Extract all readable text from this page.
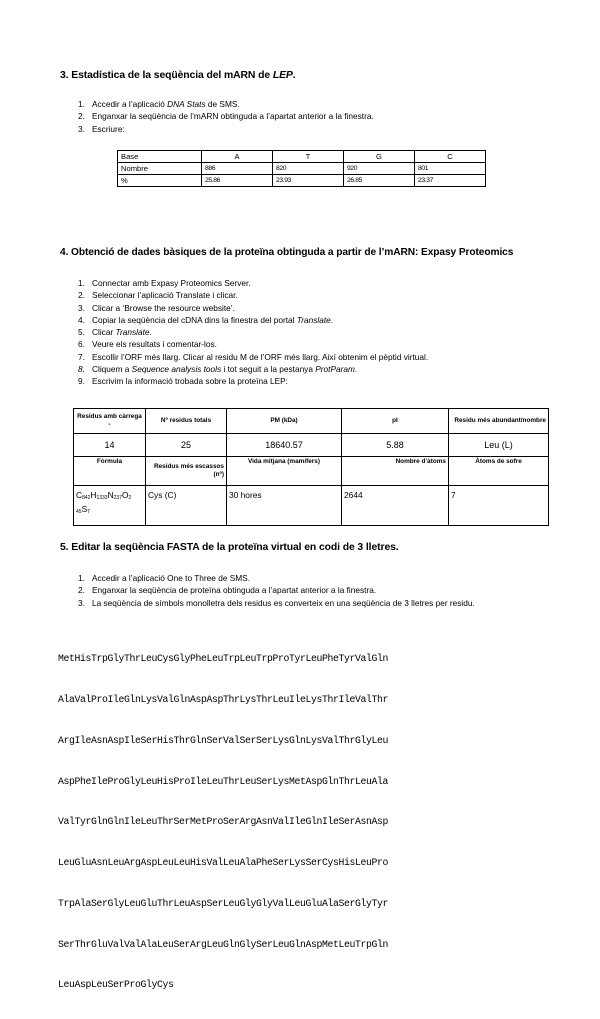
3. Estadística de la seqüència del mARN de LEP.
1. Accedir a l’aplicació DNA Stats de SMS.
2. Enganxar la seqüència de l’mARN obtinguda a l’apartat anterior a la finestra.
3. Escriure:
Base	A	T	G	C
Nombre	886	820	920	801
%	25.86	23.93	26.85	23.37
4. Obtenció de dades bàsiques de la proteïna obtinguda a partir de l’mARN: Expasy Proteomics
1. Connectar amb Expasy Proteomics Server.
2. Seleccionar l’aplicació Translate i clicar.
3. Clicar a ‘Browse the resource website’.
4. Copiar la seqüència del cDNA dins la finestra del portal Translate.
5. Clicar Translate.
6. Veure els resultats i comentar-los.
7. Escollir l’ORF més llarg. Clicar al residu M de l’ORF més llarg. Així obtenim el pèptid virtual.
8. Cliquem a Sequence analysis tools i tot seguit a la pestanya ProtParam.
9. Escrivim la informació trobada sobre la proteïna LEP:
Residus amb càrrega -	Nº residus totals	PM (kDa)	pI	Residu més abundant/nombre
14	25	18640.57	5.88	Leu (L)
Fòrmula	Residus més escassos (nº)	Vida mitjana (mamífers)	Nombre d’àtoms	Àtoms de sofre
$C_{842}H_{1333}N_{237}O_2$
$_{45}S_7$	Cys (C)	30 hores	2644	7
5. Editar la seqüència FASTA de la proteïna virtual en codi de 3 lletres.
1. Accedir a l’aplicació One to Three de SMS.
2. Enganxar la seqüència de proteïna obtinguda a l’apartat anterior a la finestra.
3. La seqüència de símbols monolletra dels residus es converteix en una seqüència de 3 lletres per residu.

MetHisTrpGlyThrLeuCysGlyPheLeuTrpLeuTrpProTyrLeuPheTyrValGln

AlaValProIleGlnLysValGlnAspAspThrLysThrLeuIleLysThrIleValThr

ArgIleAsnAspIleSerHisThrGlnSerValSerSerLysGlnLysValThrGlyLeu

AspPheIleProGlyLeuHisProIleLeuThrLeuSerLysMetAspGlnThrLeuAla

ValTyrGlnGlnIleLeuThrSerMetProSerArgAsnValIleGlnIleSerAsnAsp

LeuGluAsnLeuArgAspLeuLeuHisValLeuAlaPheSerLysSerCysHisLeuPro

TrpAlaSerGlyLeuGluThrLeuAspSerLeuGlyGlyValLeuGluAlaSerGlyTyr

SerThrGluValValAlaLeuSerArgLeuGlnGlySerLeuGlnAspMetLeuTrpGln

LeuAspLeuSerProGlyCys
